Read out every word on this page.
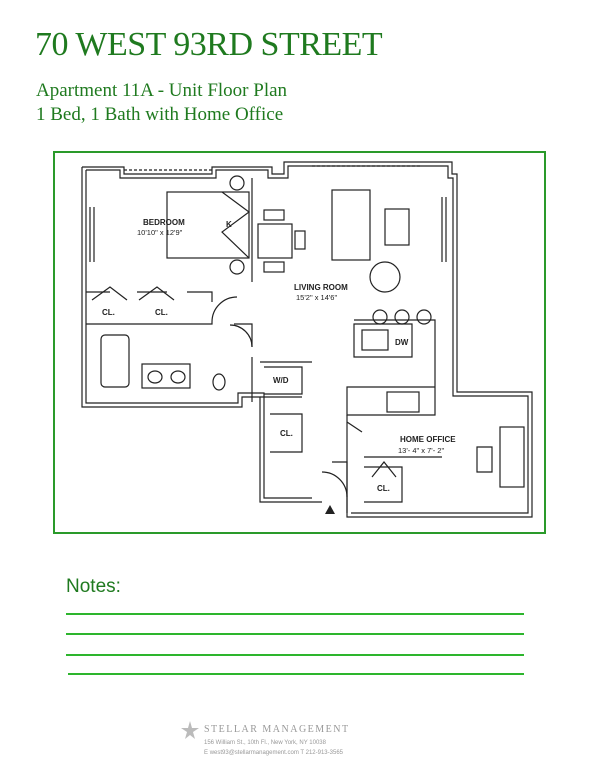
70 WEST 93RD STREET
Apartment 11A - Unit Floor Plan
1 Bed, 1 Bath with Home Office
BEDROOM
10'10" x 12'9"
LIVING ROOM
15'2" x 14'6"
HOME OFFICE
13'- 4" x 7'- 2"
CL.	CL.
CL.
CL.
W/D
DW
K
Notes:
STELLAR MANAGEMENT
156 William St., 10th Fl., New York, NY 10038
E west93@stellarmanagement.com T 212-913-3565
